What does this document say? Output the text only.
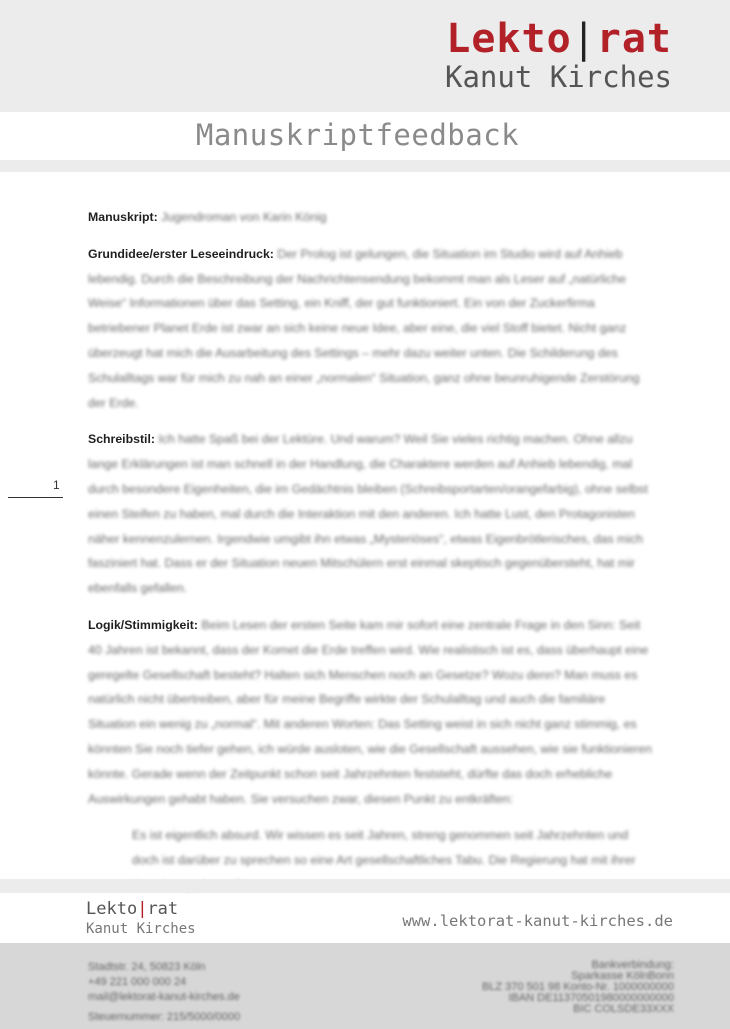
Lekto|rat
Kanut Kirches
Manuskriptfeedback
1

Manuskript: Jugendroman von Karin König

Grundidee/erster Leseeindruck: Der Prolog ist gelungen, die Situation im Studio wird auf Anhieb lebendig. Durch die Beschreibung der Nachrichtensendung bekommt man als Leser auf „natürliche Weise“ Informationen über das Setting, ein Kniff, der gut funktioniert. Ein von der Zuckerfirma betriebener Planet Erde ist zwar an sich keine neue Idee, aber eine, die viel Stoff bietet. Nicht ganz überzeugt hat mich die Ausarbeitung des Settings – mehr dazu weiter unten. Die Schilderung des Schulalltags war für mich zu nah an einer „normalen“ Situation, ganz ohne beunruhigende Zerstörung der Erde.

Schreibstil: Ich hatte Spaß bei der Lektüre. Und warum? Weil Sie vieles richtig machen. Ohne allzu lange Erklärungen ist man schnell in der Handlung, die Charaktere werden auf Anhieb lebendig, mal durch besondere Eigenheiten, die im Gedächtnis bleiben (Schreibsportarten/orangefarbig), ohne selbst einen Steifen zu haben, mal durch die Interaktion mit den anderen. Ich hatte Lust, den Protagonisten näher kennenzulernen. Irgendwie umgibt ihn etwas „Mysteriöses“, etwas Eigenbrötlerisches, das mich fasziniert hat. Dass er der Situation neuen Mitschülern erst einmal skeptisch gegenübersteht, hat mir ebenfalls gefallen.

Logik/Stimmigkeit: Beim Lesen der ersten Seite kam mir sofort eine zentrale Frage in den Sinn: Seit 40 Jahren ist bekannt, dass der Komet die Erde treffen wird. Wie realistisch ist es, dass überhaupt eine geregelte Gesellschaft besteht? Halten sich Menschen noch an Gesetze? Wozu denn? Man muss es natürlich nicht übertreiben, aber für meine Begriffe wirkte der Schulalltag und auch die familiäre Situation ein wenig zu „normal“. Mit anderen Worten: Das Setting weist in sich nicht ganz stimmig, es könnten Sie noch tiefer gehen, ich würde ausloten, wie die Gesellschaft aussehen, wie sie funktionieren könnte. Gerade wenn der Zeitpunkt schon seit Jahrzehnten feststeht, dürfte das doch erhebliche Auswirkungen gehabt haben. Sie versuchen zwar, diesen Punkt zu entkräften:

Es ist eigentlich absurd. Wir wissen es seit Jahren, streng genommen seit Jahrzehnten und doch ist darüber zu sprechen so eine Art gesellschaftliches Tabu. Die Regierung hat mit ihrer

Lekto|rat
Kanut Kirches	www.lektorat-kanut-kirches.de
Stadtstr. 24, 50823 Köln
+49 221 000 000 24
mail@lektorat-kanut-kirches.de
Steuernummer: 215/5000/0000
Bankverbindung:
Sparkasse KölnBonn
BLZ 370 501 98 Konto-Nr. 1000000000
IBAN DE11370501980000000000
BIC COLSDE33XXX
